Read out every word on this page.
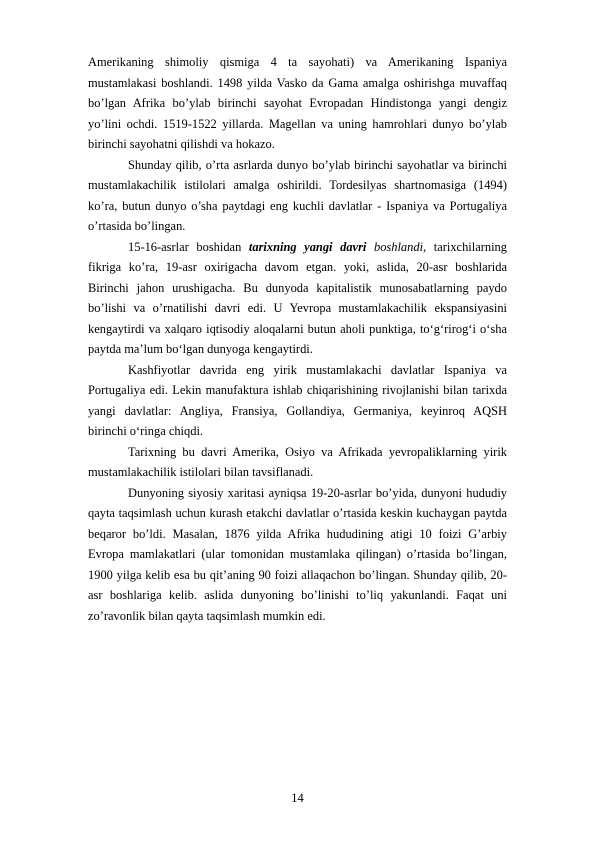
Amerikaning shimoliy qismiga 4 ta sayohati) va Amerikaning Ispaniya mustamlakasi boshlandi. 1498 yilda Vasko da Gama amalga oshirishga muvaffaq bo’lgan Afrika bo’ylab birinchi sayohat Evropadan Hindistonga yangi dengiz yo’lini ochdi. 1519-1522 yillarda. Magellan va uning hamrohlari dunyo bo’ylab birinchi sayohatni qilishdi va hokazo.

Shunday qilib, o’rta asrlarda dunyo bo’ylab birinchi sayohatlar va birinchi mustamlakachilik istilolari amalga oshirildi. Tordesilyas shartnomasiga (1494) ko’ra, butun dunyo o’sha paytdagi eng kuchli davlatlar - Ispaniya va Portugaliya o’rtasida bo’lingan.

15-16-asrlar boshidan tarixning yangi davri boshlandi, tarixchilarning fikriga ko’ra, 19-asr oxirigacha davom etgan. yoki, aslida, 20-asr boshlarida Birinchi jahon urushigacha. Bu dunyoda kapitalistik munosabatlarning paydo bo’lishi va o’rnatilishi davri edi. U Yevropa mustamlakachilik ekspansiyasini kengaytirdi va xalqaro iqtisodiy aloqalarni butun aholi punktiga, to‘g‘rirog‘i o‘sha paytda ma’lum bo‘lgan dunyoga kengaytirdi.

Kashfiyotlar davrida eng yirik mustamlakachi davlatlar Ispaniya va Portugaliya edi. Lekin manufaktura ishlab chiqarishining rivojlanishi bilan tarixda yangi davlatlar: Angliya, Fransiya, Gollandiya, Germaniya, keyinroq AQSH birinchi o‘ringa chiqdi.

Tarixning bu davri Amerika, Osiyo va Afrikada yevropaliklarning yirik mustamlakachilik istilolari bilan tavsiflanadi.

Dunyoning siyosiy xaritasi ayniqsa 19-20-asrlar bo’yida, dunyoni hududiy qayta taqsimlash uchun kurash etakchi davlatlar o’rtasida keskin kuchaygan paytda beqaror bo’ldi. Masalan, 1876 yilda Afrika hududining atigi 10 foizi G’arbiy Evropa mamlakatlari (ular tomonidan mustamlaka qilingan) o’rtasida bo’lingan, 1900 yilga kelib esa bu qit’aning 90 foizi allaqachon bo’lingan. Shunday qilib, 20-asr boshlariga kelib. aslida dunyoning bo’linishi to’liq yakunlandi. Faqat uni zo’ravonlik bilan qayta taqsimlash mumkin edi.

14
